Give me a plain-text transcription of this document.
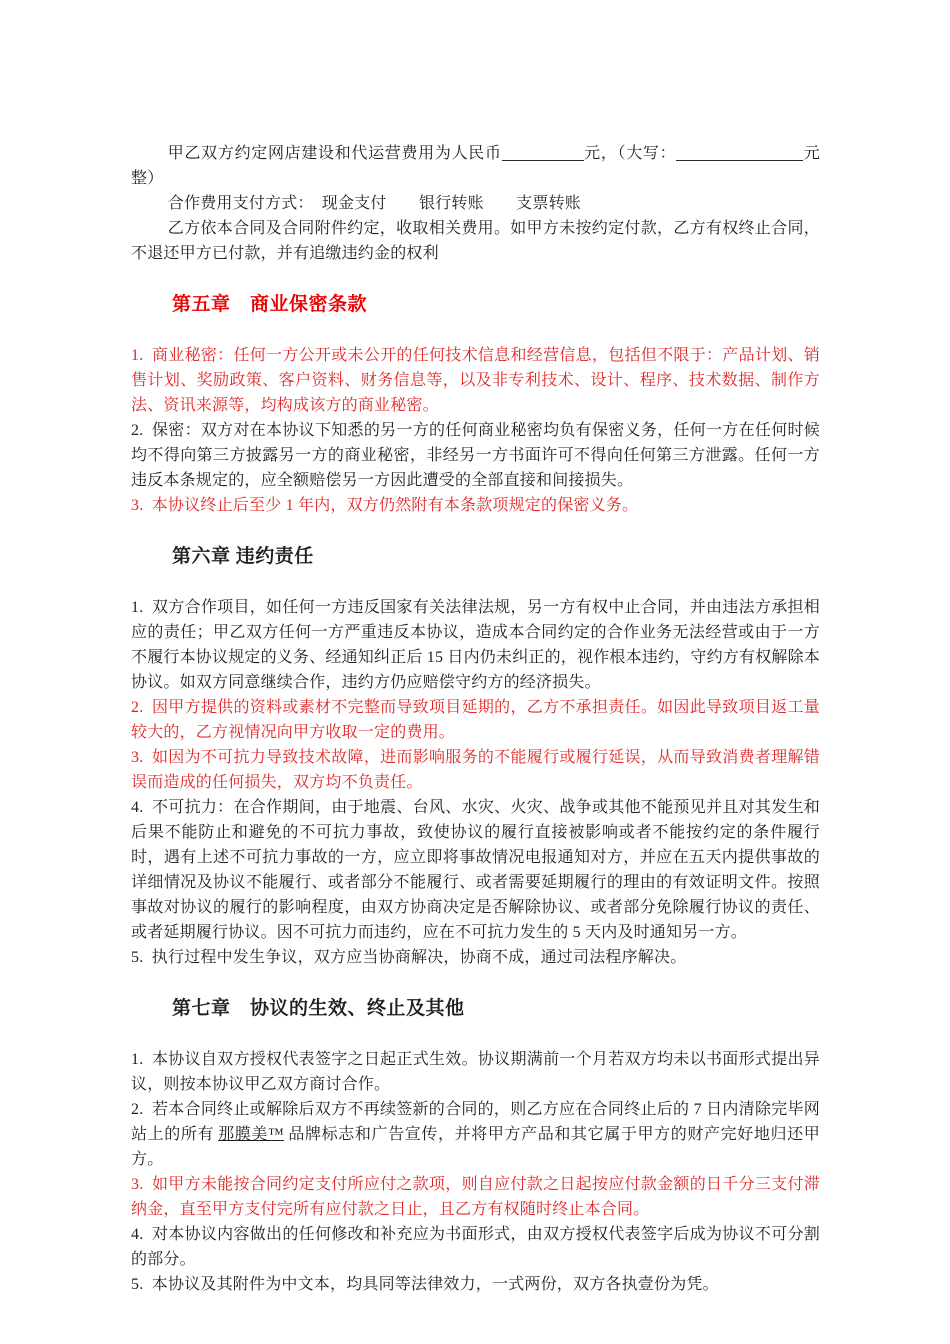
甲乙双方约定网店建设和代运营费用为人民币	元，（大写：	元整）

合作费用支付方式：　现金支付　　银行转账　　支票转账

乙方依本合同及合同附件约定，收取相关费用。如甲方未按约定付款，乙方有权终止合同，不退还甲方已付款，并有追缴违约金的权利

第五章　商业保密条款

1.  商业秘密：任何一方公开或未公开的任何技术信息和经营信息，包括但不限于：产品计划、销售计划、奖励政策、客户资料、财务信息等，以及非专利技术、设计、程序、技术数据、制作方法、资讯来源等，均构成该方的商业秘密。

2.  保密：双方对在本协议下知悉的另一方的任何商业秘密均负有保密义务，任何一方在任何时候均不得向第三方披露另一方的商业秘密，非经另一方书面许可不得向任何第三方泄露。任何一方违反本条规定的，应全额赔偿另一方因此遭受的全部直接和间接损失。

3.  本协议终止后至少 1 年内，双方仍然附有本条款项规定的保密义务。

第六章 违约责任

1.  双方合作项目，如任何一方违反国家有关法律法规，另一方有权中止合同，并由违法方承担相应的责任；甲乙双方任何一方严重违反本协议，造成本合同约定的合作业务无法经营或由于一方不履行本协议规定的义务、经通知纠正后 15 日内仍未纠正的，视作根本违约，守约方有权解除本协议。如双方同意继续合作，违约方仍应赔偿守约方的经济损失。

2.  因甲方提供的资料或素材不完整而导致项目延期的，乙方不承担责任。如因此导致项目返工量较大的，乙方视情况向甲方收取一定的费用。

3.  如因为不可抗力导致技术故障，进而影响服务的不能履行或履行延误，从而导致消费者理解错误而造成的任何损失，双方均不负责任。

4.  不可抗力：在合作期间，由于地震、台风、水灾、火灾、战争或其他不能预见并且对其发生和后果不能防止和避免的不可抗力事故，致使协议的履行直接被影响或者不能按约定的条件履行时，遇有上述不可抗力事故的一方，应立即将事故情况电报通知对方，并应在五天内提供事故的详细情况及协议不能履行、或者部分不能履行、或者需要延期履行的理由的有效证明文件。按照事故对协议的履行的影响程度，由双方协商决定是否解除协议、或者部分免除履行协议的责任、或者延期履行协议。因不可抗力而违约，应在不可抗力发生的 5 天内及时通知另一方。

5.  执行过程中发生争议，双方应当协商解决，协商不成，通过司法程序解决。

第七章　协议的生效、终止及其他

1.  本协议自双方授权代表签字之日起正式生效。协议期满前一个月若双方均未以书面形式提出异议，则按本协议甲乙双方商讨合作。

2.  若本合同终止或解除后双方不再续签新的合同的，则乙方应在合同终止后的 7 日内清除完毕网站上的所有 那膜美™ 品牌标志和广告宣传，并将甲方产品和其它属于甲方的财产完好地归还甲方。

3.  如甲方未能按合同约定支付所应付之款项，则自应付款之日起按应付款金额的日千分三支付滞纳金，直至甲方支付完所有应付款之日止，且乙方有权随时终止本合同。

4.  对本协议内容做出的任何修改和补充应为书面形式，由双方授权代表签字后成为协议不可分割的部分。

5.  本协议及其附件为中文本，均具同等法律效力，一式两份，双方各执壹份为凭。
